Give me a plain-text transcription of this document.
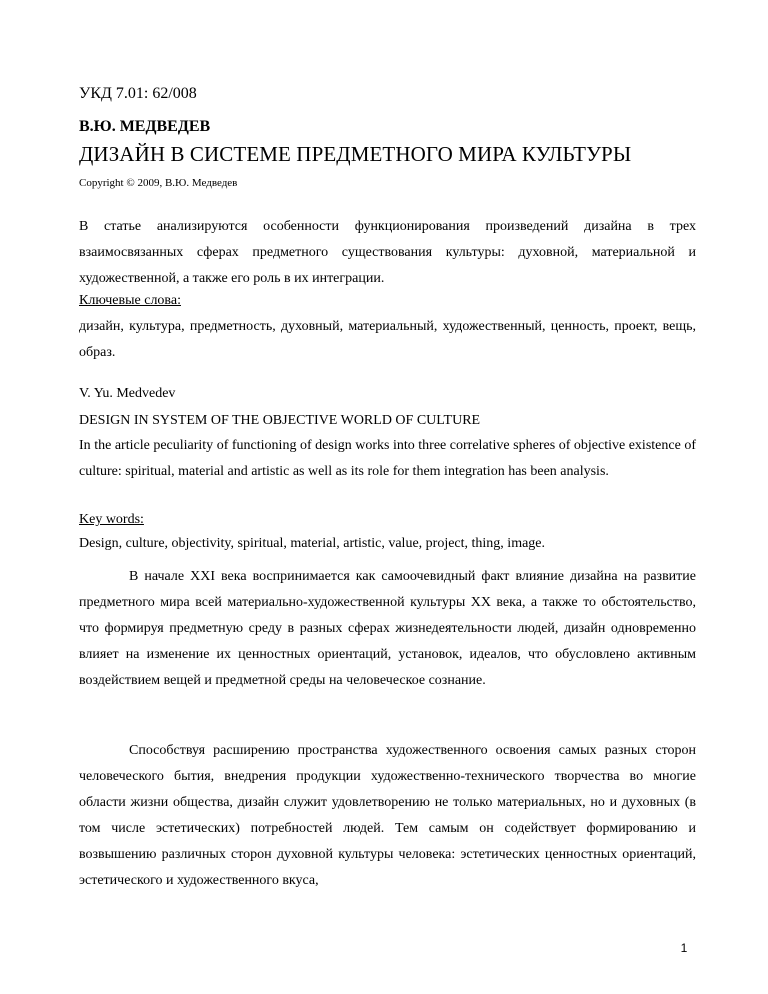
УКД 7.01: 62/008

В.Ю. МЕДВЕДЕВ

ДИЗАЙН В СИСТЕМЕ ПРЕДМЕТНОГО МИРА КУЛЬТУРЫ

Copyright © 2009, В.Ю. Медведев

В статье анализируются особенности функционирования произведений дизайна в трех взаимосвязанных сферах предметного существования культуры: духовной, материальной и художественной, а также его роль в их интеграции.

Ключевые слова:

дизайн, культура, предметность, духовный, материальный, художественный, ценность, проект, вещь, образ.

V. Yu. Medvedev

DESIGN IN SYSTEM OF THE OBJECTIVE WORLD OF CULTURE

In the article peculiarity of functioning of design works into three correlative spheres of objective existence of culture: spiritual, material and artistic as well as its role for them integration has been analysis.

Key words:

Design, culture, objectivity, spiritual, material, artistic, value, project, thing, image.

В начале XXI века воспринимается как самоочевидный факт влияние дизайна на развитие предметного мира всей материально-художественной культуры XX века, а также то обстоятельство, что формируя предметную среду в разных сферах жизнедеятельности людей, дизайн одновременно влияет на изменение их ценностных ориентаций, установок, идеалов, что обусловлено активным воздействием вещей и предметной среды на человеческое сознание.

Способствуя расширению пространства художественного освоения самых разных сторон человеческого бытия, внедрения продукции художественно-технического творчества во многие области жизни общества, дизайн служит удовлетворению не только материальных, но и духовных (в том числе эстетических) потребностей людей. Тем самым он содействует формированию и возвышению различных сторон духовной культуры человека: эстетических ценностных ориентаций, эстетического и художественного вкуса,

1
